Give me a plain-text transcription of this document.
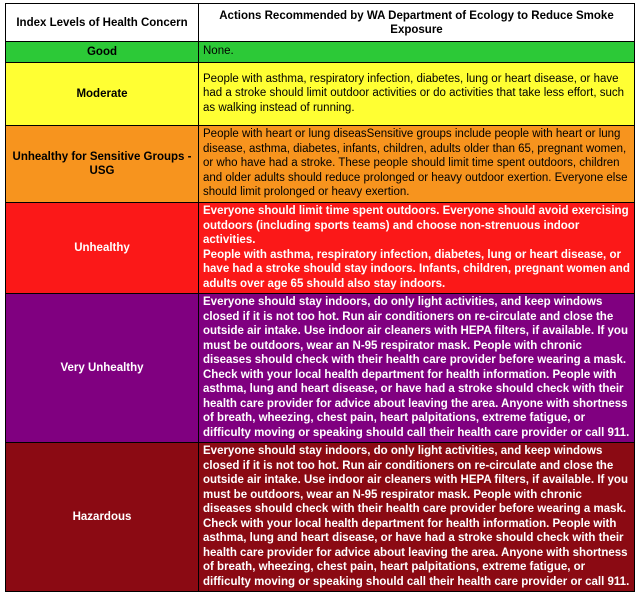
Index Levels of Health Concern	Actions Recommended by WA Department of Ecology to Reduce Smoke Exposure
Good	None.

Moderate	People with asthma, respiratory infection, diabetes, lung or heart disease, or have had a stroke should limit outdoor activities or do activities that take less effort, such as walking instead of running.

Unhealthy for Sensitive Groups - USG	People with heart or lung diseasSensitive groups include people with heart or lung disease, asthma, diabetes, infants, children, adults older than 65, pregnant women, or who have had a stroke. These people should limit time spent outdoors, children and older adults should reduce prolonged or heavy outdoor exertion. Everyone else should limit prolonged or heavy exertion.

Unhealthy	Everyone should limit time spent outdoors. Everyone should avoid exercising outdoors (including sports teams) and choose non-strenuous indoor activities.

People with asthma, respiratory infection, diabetes, lung or heart disease, or have had a stroke should stay indoors. Infants, children, pregnant women and adults over age 65 should also stay indoors.

Very Unhealthy	Everyone should stay indoors, do only light activities, and keep windows closed if it is not too hot. Run air conditioners on re-circulate and close the outside air intake. Use indoor air cleaners with HEPA filters, if available. If you must be outdoors, wear an N-95 respirator mask. People with chronic diseases should check with their health care provider before wearing a mask.

Check with your local health department for health information. People with asthma, lung and heart disease, or have had a stroke should check with their health care provider for advice about leaving the area. Anyone with shortness of breath, wheezing, chest pain, heart palpitations, extreme fatigue, or difficulty moving or speaking should call their health care provider or call 911.

Hazardous	Everyone should stay indoors, do only light activities, and keep windows closed if it is not too hot. Run air conditioners on re-circulate and close the outside air intake. Use indoor air cleaners with HEPA filters, if available. If you must be outdoors, wear an N-95 respirator mask. People with chronic diseases should check with their health care provider before wearing a mask.

Check with your local health department for health information. People with asthma, lung and heart disease, or have had a stroke should check with their health care provider for advice about leaving the area. Anyone with shortness of breath, wheezing, chest pain, heart palpitations, extreme fatigue, or difficulty moving or speaking should call their health care provider or call 911.
